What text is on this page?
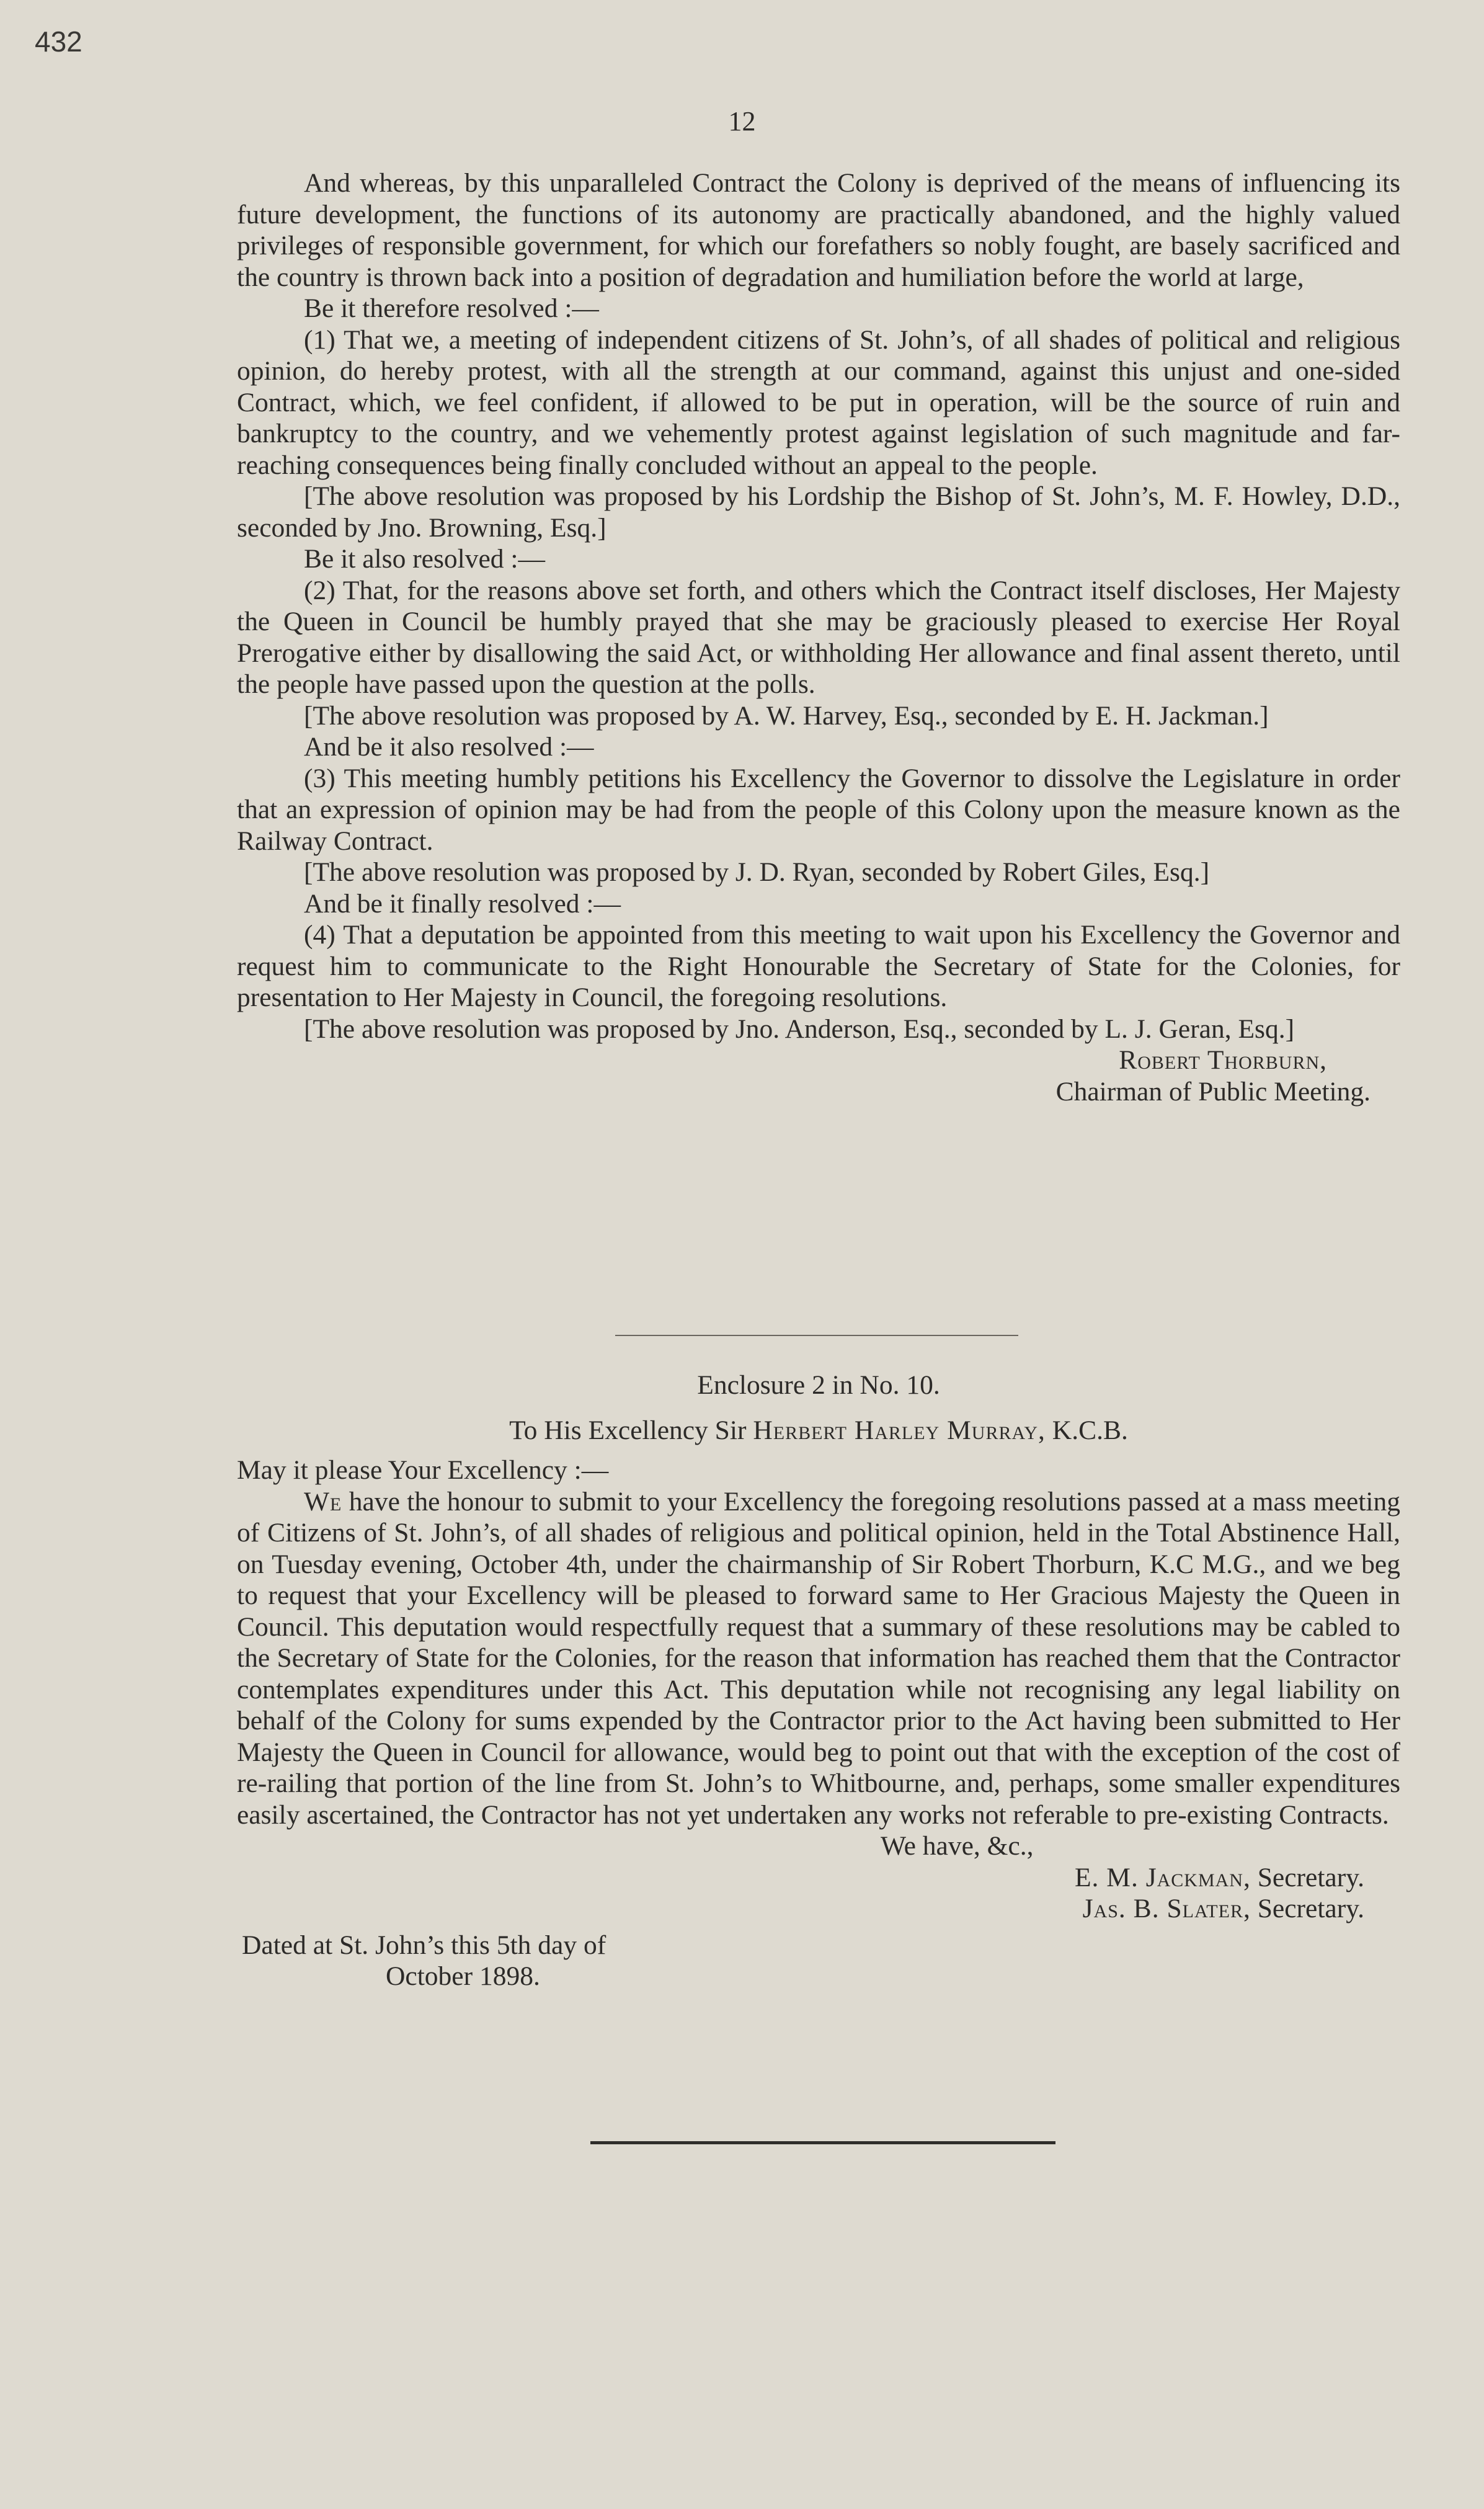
432
12
And whereas, by this unparalleled Contract the Colony is deprived of the means of influencing its future development, the functions of its autonomy are practically abandoned, and the highly valued privileges of responsible government, for which our forefathers so nobly fought, are basely sacrificed and the country is thrown back into a position of degradation and humiliation before the world at large,
Be it therefore resolved :—
(1) That we, a meeting of independent citizens of St. John’s, of all shades of political and religious opinion, do hereby protest, with all the strength at our command, against this unjust and one-sided Contract, which, we feel confident, if allowed to be put in operation, will be the source of ruin and bankruptcy to the country, and we vehemently protest against legislation of such magnitude and far-reaching consequences being finally concluded without an appeal to the people.
[The above resolution was proposed by his Lordship the Bishop of St. John’s, M. F. Howley, D.D., seconded by Jno. Browning, Esq.]
Be it also resolved :—
(2) That, for the reasons above set forth, and others which the Contract itself discloses, Her Majesty the Queen in Council be humbly prayed that she may be graciously pleased to exercise Her Royal Prerogative either by disallowing the said Act, or withholding Her allowance and final assent thereto, until the people have passed upon the question at the polls.
[The above resolution was proposed by A. W. Harvey, Esq., seconded by E. H. Jackman.]
And be it also resolved :—
(3) This meeting humbly petitions his Excellency the Governor to dissolve the Legislature in order that an expression of opinion may be had from the people of this Colony upon the measure known as the Railway Contract.
[The above resolution was proposed by J. D. Ryan, seconded by Robert Giles, Esq.]
And be it finally resolved :—
(4) That a deputation be appointed from this meeting to wait upon his Excellency the Governor and request him to communicate to the Right Honourable the Secretary of State for the Colonies, for presentation to Her Majesty in Council, the foregoing resolutions.
[The above resolution was proposed by Jno. Anderson, Esq., seconded by L. J. Geran, Esq.]
Robert Thorburn,
Chairman of Public Meeting.
Enclosure 2 in No. 10.
To His Excellency Sir Herbert Harley Murray, K.C.B.
May it please Your Excellency :—
We have the honour to submit to your Excellency the foregoing resolutions passed at a mass meeting of Citizens of St. John’s, of all shades of religious and political opinion, held in the Total Abstinence Hall, on Tuesday evening, October 4th, under the chairmanship of Sir Robert Thorburn, K.C M.G., and we beg to request that your Excellency will be pleased to forward same to Her Gracious Majesty the Queen in Council. This deputation would respectfully request that a summary of these resolutions may be cabled to the Secretary of State for the Colonies, for the reason that information has reached them that the Contractor contemplates expenditures under this Act. This deputation while not recognising any legal liability on behalf of the Colony for sums expended by the Contractor prior to the Act having been submitted to Her Majesty the Queen in Council for allowance, would beg to point out that with the exception of the cost of re-railing that portion of the line from St. John’s to Whitbourne, and, perhaps, some smaller expenditures easily ascertained, the Contractor has not yet undertaken any works not referable to pre-existing Contracts.
We have, &c.,
E. M. Jackman, Secretary.
Jas. B. Slater, Secretary.
Dated at St. John’s this 5th day of
October 1898.
